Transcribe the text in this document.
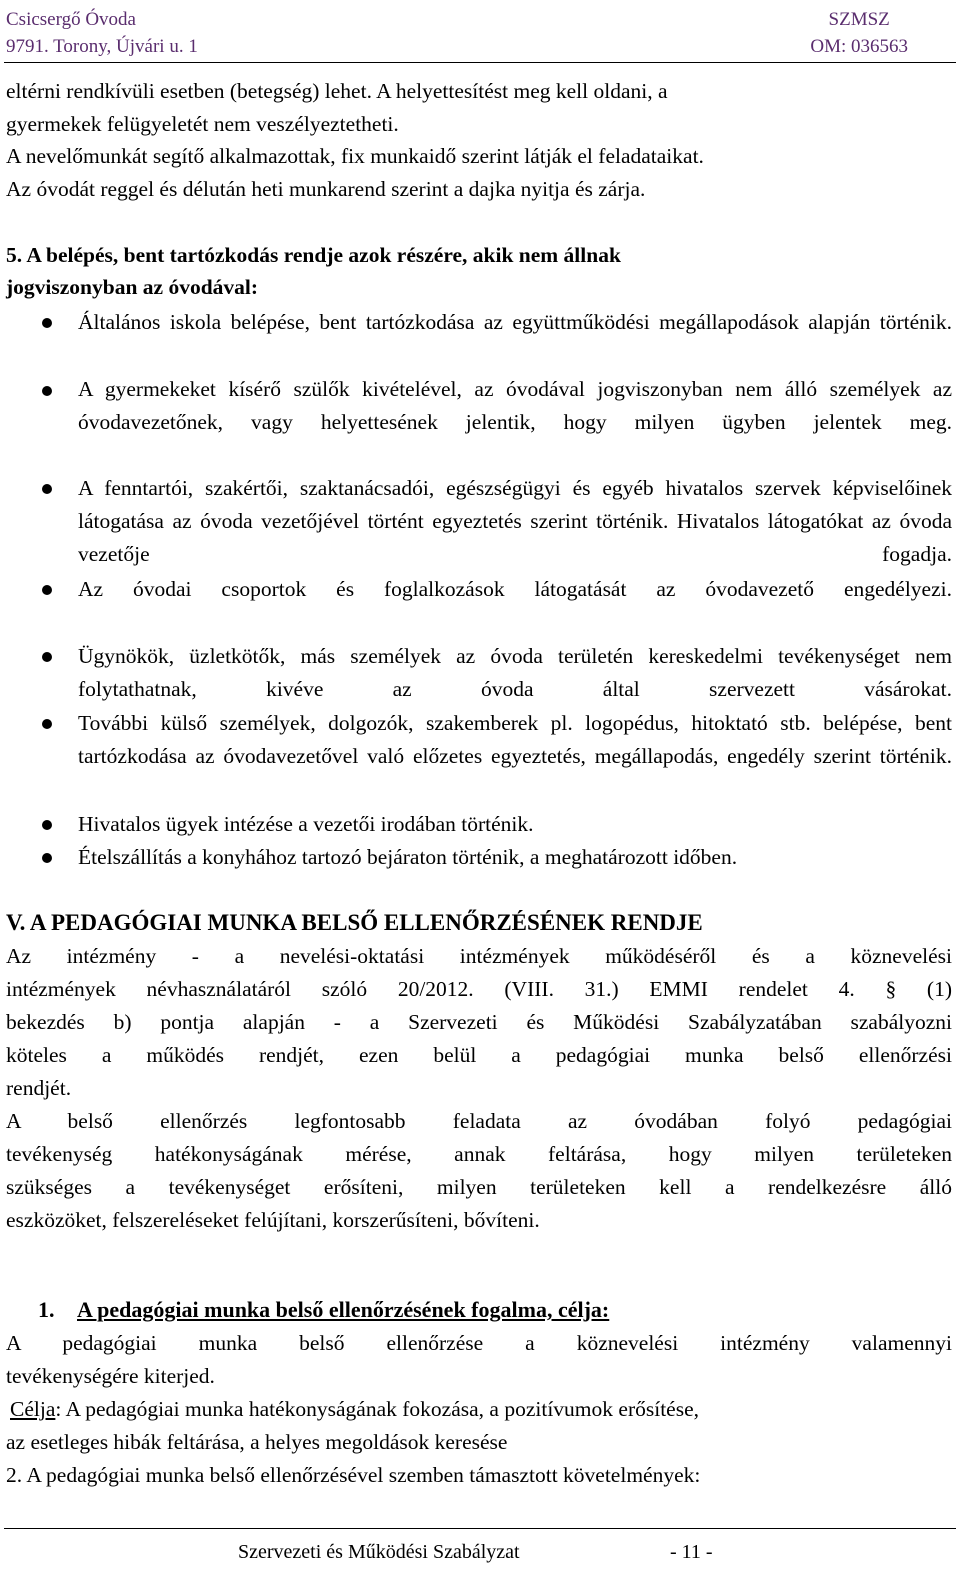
Csicsergő Óvoda
9791. Torony, Újvári u. 1
SZMSZ
OM: 036563
eltérni rendkívüli esetben (betegség) lehet. A helyettesítést meg kell oldani, a
gyermekek felügyeletét nem veszélyeztetheti.
A nevelőmunkát segítő alkalmazottak, fix munkaidő szerint látják el feladataikat.
Az óvodát reggel és délután heti munkarend szerint a dajka nyitja és zárja.
5. A belépés, bent tartózkodás rendje azok részére, akik nem állnak
jogviszonyban az óvodával:
Általános iskola belépése, bent tartózkodása az együttműködési megállapodások alapján történik.
A gyermekeket kísérő szülők kivételével, az óvodával jogviszonyban nem álló személyek az óvodavezetőnek, vagy helyettesének jelentik, hogy milyen ügyben jelentek meg.
A fenntartói, szakértői, szaktanácsadói, egészségügyi és egyéb hivatalos szervek képviselőinek látogatása az óvoda vezetőjével történt egyeztetés szerint történik. Hivatalos látogatókat az óvoda vezetője fogadja.
Az óvodai csoportok és foglalkozások látogatását az óvodavezető engedélyezi.
Ügynökök, üzletkötők, más személyek az óvoda területén kereskedelmi tevékenységet nem folytathatnak, kivéve az óvoda által szervezett vásárokat.
További külső személyek, dolgozók, szakemberek pl. logopédus, hitoktató stb. belépése, bent tartózkodása az óvodavezetővel való előzetes egyeztetés, megállapodás, engedély szerint történik.
Hivatalos ügyek intézése a vezetői irodában történik.
Ételszállítás a konyhához tartozó bejáraton történik, a meghatározott időben.
V. A PEDAGÓGIAI MUNKA BELSŐ ELLENŐRZÉSÉNEK RENDJE
Az intézmény - a nevelési-oktatási intézmények működéséről és a köznevelési
intézmények névhasználatáról szóló 20/2012. (VIII. 31.) EMMI rendelet 4. § (1)
bekezdés b) pontja alapján - a Szervezeti és Működési Szabályzatában szabályozni
köteles a működés rendjét, ezen belül a pedagógiai munka belső ellenőrzési
rendjét.
A belső ellenőrzés legfontosabb feladata az óvodában folyó pedagógiai
tevékenység hatékonyságának mérése, annak feltárása, hogy milyen területeken
szükséges a tevékenységet erősíteni, milyen területeken kell a rendelkezésre álló
eszközöket, felszereléseket felújítani, korszerűsíteni, bővíteni.
1. A pedagógiai munka belső ellenőrzésének fogalma, célja:
A pedagógiai munka belső ellenőrzése a köznevelési intézmény valamennyi
tevékenységére kiterjed.
Célja: A pedagógiai munka hatékonyságának fokozása, a pozitívumok erősítése,
az esetleges hibák feltárása, a helyes megoldások keresése
2. A pedagógiai munka belső ellenőrzésével szemben támasztott követelmények:
Szervezeti és Működési Szabályzat	- 11 -
